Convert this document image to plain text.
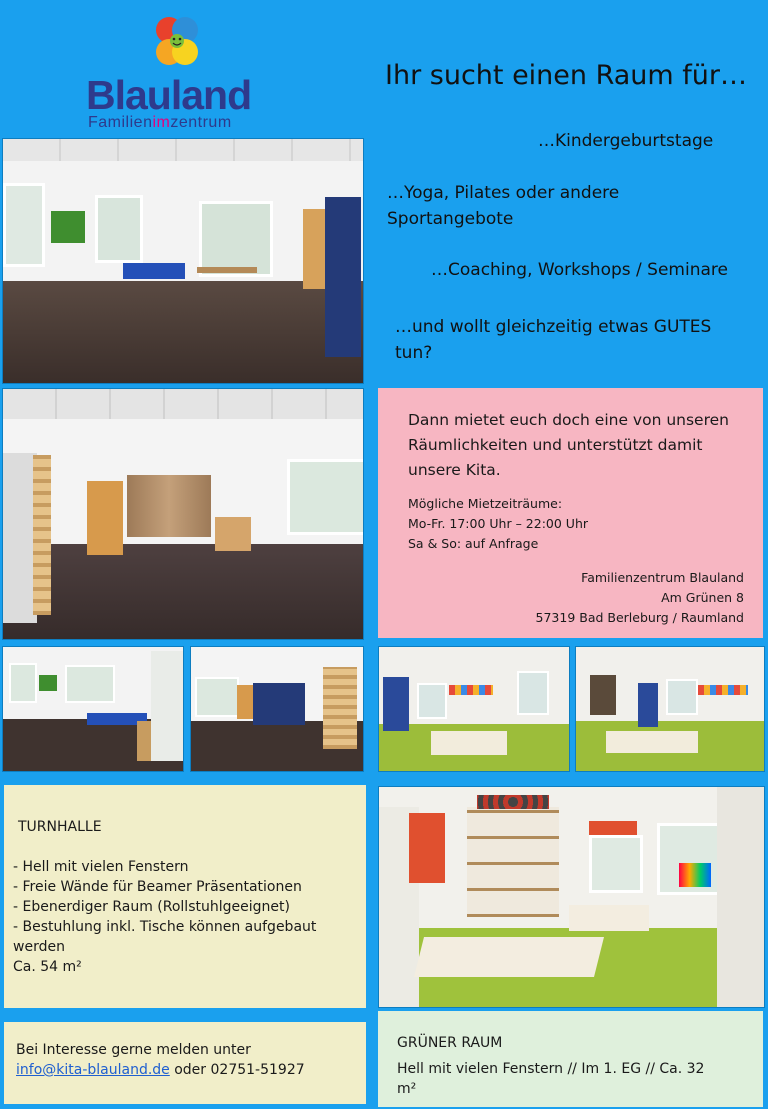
Blauland
Familienimzentrum
Ihr sucht einen Raum für…
…Kindergeburtstage
…Yoga, Pilates oder andere
Sportangebote
…Coaching, Workshops / Seminare
…und wollt gleichzeitig etwas GUTES
tun?
Dann mietet euch doch eine von unseren
Räumlichkeiten und unterstützt damit
unsere Kita.
Mögliche Mietzeiträume:
Mo-Fr. 17:00 Uhr – 22:00 Uhr
Sa & So: auf Anfrage
Familienzentrum Blauland
Am Grünen 8
57319 Bad Berleburg / Raumland
TURNHALLE
- Hell mit vielen Fenstern
- Freie Wände für Beamer Präsentationen
- Ebenerdiger Raum (Rollstuhlgeeignet)
- Bestuhlung inkl. Tische können aufgebaut
werden
Ca. 54 m²
Bei Interesse gerne melden unter
info@kita-blauland.de oder 02751-51927
GRÜNER RAUM
Hell mit vielen Fenstern // Im 1. EG // Ca. 32
m²
